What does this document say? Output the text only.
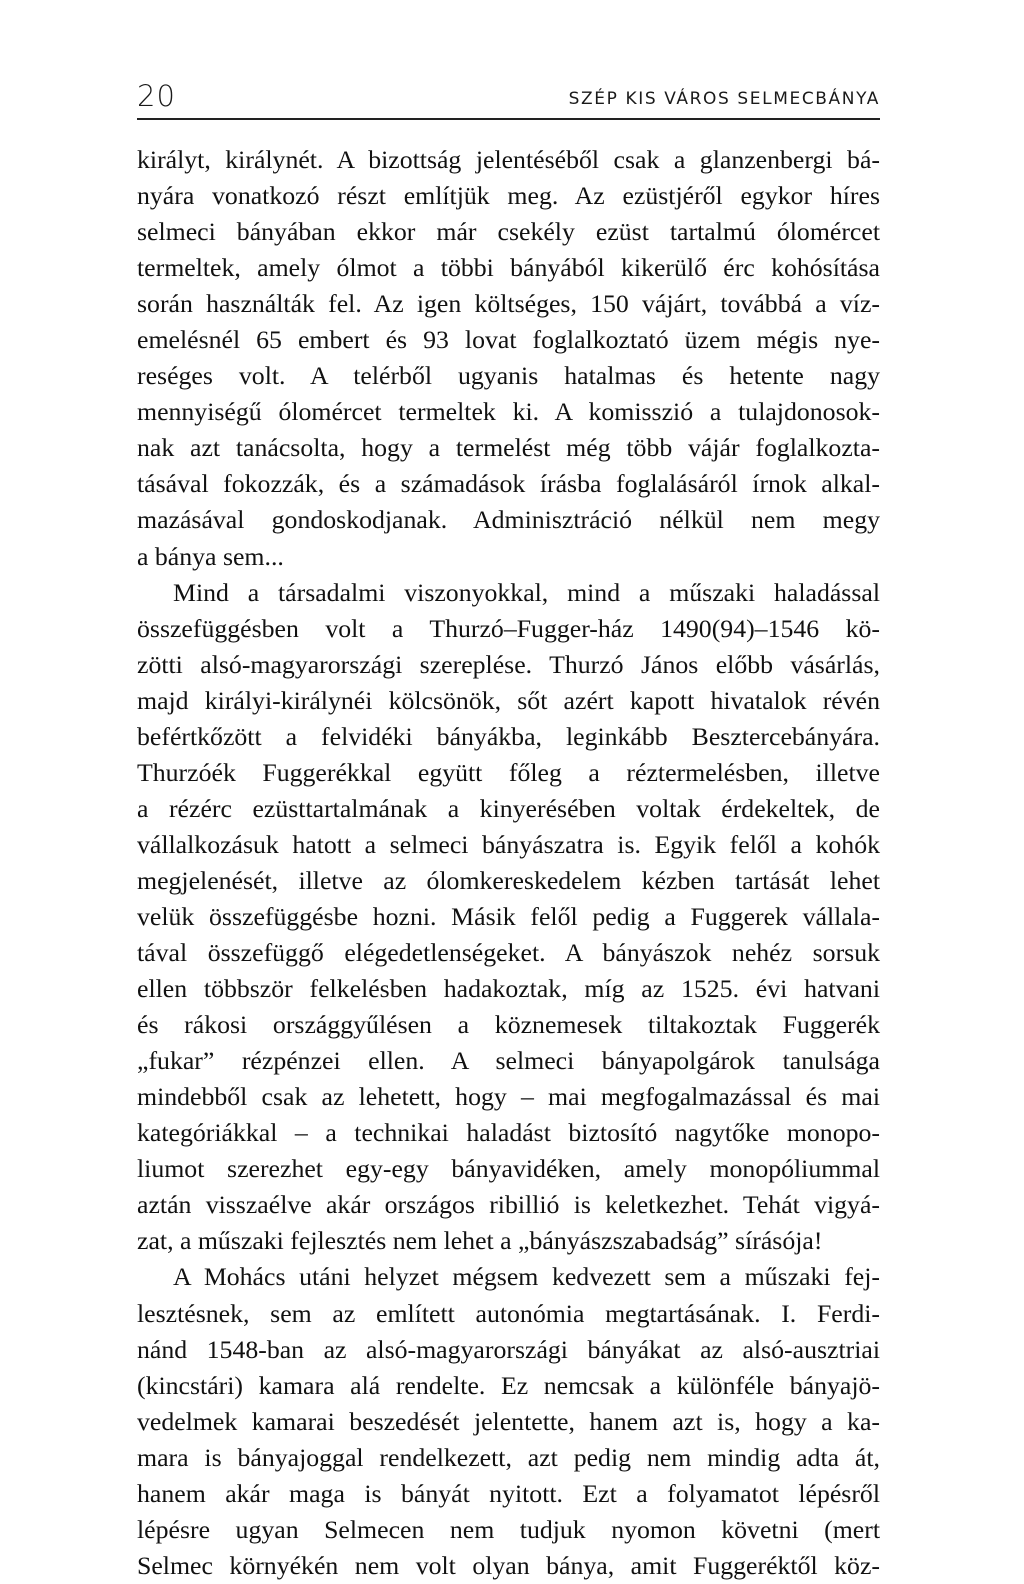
20	SZÉP KIS VÁROS SELMECBÁNYA
királyt, királynét. A bizottság jelentéséből csak a glanzenbergi bá-
nyára vonatkozó részt említjük meg. Az ezüstjéről egykor híres
selmeci bányában ekkor már csekély ezüst tartalmú ólomércet
termeltek, amely ólmot a többi bányából kikerülő érc kohósítása
során használták fel. Az igen költséges, 150 vájárt, továbbá a víz-
emelésnél 65 embert és 93 lovat foglalkoztató üzem mégis nye-
reséges volt. A telérből ugyanis hatalmas és hetente nagy
mennyiségű ólomércet termeltek ki. A komisszió a tulajdonosok-
nak azt tanácsolta, hogy a termelést még több vájár foglalkozta-
tásával fokozzák, és a számadások írásba foglalásáról írnok alkal-
mazásával gondoskodjanak. Adminisztráció nélkül nem megy
a bánya sem...
Mind a társadalmi viszonyokkal, mind a műszaki haladással
összefüggésben volt a Thurzó–Fugger-ház 1490(94)–1546 kö-
zötti alsó-magyarországi szereplése. Thurzó János előbb vásárlás,
majd királyi-királynéi kölcsönök, sőt azért kapott hivatalok révén
befértkőzött a felvidéki bányákba, leginkább Besztercebányára.
Thurzóék Fuggerékkal együtt főleg a réztermelésben, illetve
a rézérc ezüsttartalmának a kinyerésében voltak érdekeltek, de
vállalkozásuk hatott a selmeci bányászatra is. Egyik felől a kohók
megjelenését, illetve az ólomkereskedelem kézben tartását lehet
velük összefüggésbe hozni. Másik felől pedig a Fuggerek vállala-
tával összefüggő elégedetlenségeket. A bányászok nehéz sorsuk
ellen többször felkelésben hadakoztak, míg az 1525. évi hatvani
és rákosi országgyűlésen a köznemesek tiltakoztak Fuggerék
„fukar” rézpénzei ellen. A selmeci bányapolgárok tanulsága
mindebből csak az lehetett, hogy – mai megfogalmazással és mai
kategóriákkal – a technikai haladást biztosító nagytőke monopo-
liumot szerezhet egy-egy bányavidéken, amely monopóliummal
aztán visszaélve akár országos ribillió is keletkezhet. Tehát vigyá-
zat, a műszaki fejlesztés nem lehet a „bányászszabadság” sírásója!
A Mohács utáni helyzet mégsem kedvezett sem a műszaki fej-
lesztésnek, sem az említett autonómia megtartásának. I. Ferdi-
nánd 1548-ban az alsó-magyarországi bányákat az alsó-ausztriai
(kincstári) kamara alá rendelte. Ez nemcsak a különféle bányajö-
vedelmek kamarai beszedését jelentette, hanem azt is, hogy a ka-
mara is bányajoggal rendelkezett, azt pedig nem mindig adta át,
hanem akár maga is bányát nyitott. Ezt a folyamatot lépésről
lépésre ugyan Selmecen nem tudjuk nyomon követni (mert
Selmec környékén nem volt olyan bánya, amit Fuggeréktől köz-
